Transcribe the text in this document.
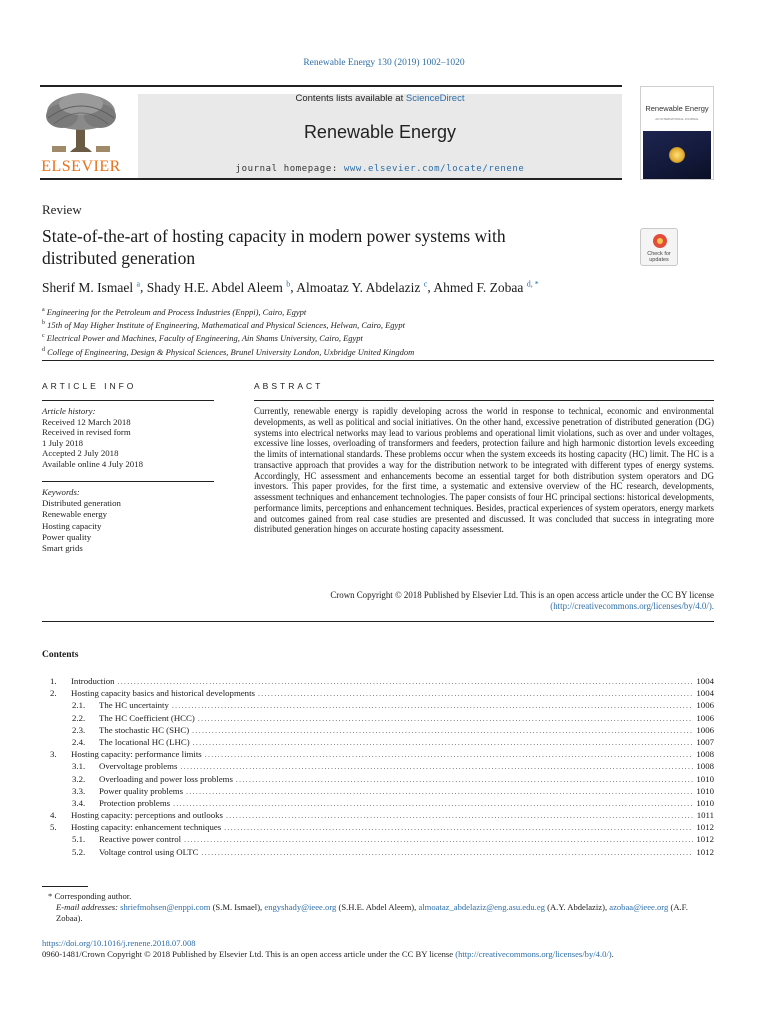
Renewable Energy 130 (2019) 1002–1020
ELSEVIER
Contents lists available at ScienceDirect
Renewable Energy
journal homepage: www.elsevier.com/locate/renene
Renewable Energy
AN INTERNATIONAL JOURNAL
Review
State-of-the-art of hosting capacity in modern power systems with
distributed generation	Check for
updates
Sherif M. Ismael $^a$, Shady H.E. Abdel Aleem $^b$, Almoataz Y. Abdelaziz $^c$, Ahmed F. Zobaa $^{d, *}$
$^a$ Engineering for the Petroleum and Process Industries (Enppi), Cairo, Egypt
$^b$ 15th of May Higher Institute of Engineering, Mathematical and Physical Sciences, Helwan, Cairo, Egypt
$^c$ Electrical Power and Machines, Faculty of Engineering, Ain Shams University, Cairo, Egypt
$^d$ College of Engineering, Design & Physical Sciences, Brunel University London, Uxbridge United Kingdom
ARTICLE INFO	ABSTRACT
Article history:
Received 12 March 2018
Received in revised form
1 July 2018
Accepted 2 July 2018
Available online 4 July 2018
Keywords:
Distributed generation
Renewable energy
Hosting capacity
Power quality
Smart grids
Currently, renewable energy is rapidly developing across the world in response to technical, economic and environmental developments, as well as political and social initiatives. On the other hand, excessive penetration of distributed generation (DG) systems into electrical networks may lead to various problems and operational limit violations, such as over and under voltages, excessive line losses, overloading of transformers and feeders, protection failure and high harmonic distortion levels exceeding the limits of international standards. These problems occur when the system exceeds its hosting capacity (HC) limit. The HC is a transactive approach that provides a way for the distribution network to be integrated with different types of energy systems. Accordingly, HC assessment and enhancements become an essential target for both distribution system operators and DG investors. This paper provides, for the first time, a systematic and extensive overview of the HC research, developments, assessment techniques and enhancement technologies. The paper consists of four HC principal sections: historical developments, performance limits, perceptions and enhancement techniques. Besides, practical experiences of system operators, energy markets and outcomes gained from real case studies are presented and discussed. It was concluded that success in integrating more distributed generation hinges on accurate hosting capacity assessment.
Crown Copyright © 2018 Published by Elsevier Ltd. This is an open access article under the CC BY license
(http://creativecommons.org/licenses/by/4.0/).
Contents
1.	Introduction .....	1004
2.	Hosting capacity basics and historical developments .....	1004
2.1.	The HC uncertainty .....	1006
2.2.	The HC Coefficient (HCC) .....	1006
2.3.	The stochastic HC (SHC) .....	1006
2.4.	The locational HC (LHC) .....	1007
3.	Hosting capacity: performance limits .....	1008
3.1.	Overvoltage problems .....	1008
3.2.	Overloading and power loss problems .....	1010
3.3.	Power quality problems .....	1010
3.4.	Protection problems .....	1010
4.	Hosting capacity: perceptions and outlooks .....	1011
5.	Hosting capacity: enhancement techniques .....	1012
5.1.	Reactive power control .....	1012
5.2.	Voltage control using OLTC .....	1012
* Corresponding author.
E-mail addresses: shriefmohsen@enppi.com (S.M. Ismael), engyshady@ieee.org (S.H.E. Abdel Aleem), almoataz_abdelaziz@eng.asu.edu.eg (A.Y. Abdelaziz), azobaa@ieee.org (A.F. Zobaa).
https://doi.org/10.1016/j.renene.2018.07.008
0960-1481/Crown Copyright © 2018 Published by Elsevier Ltd. This is an open access article under the CC BY license (http://creativecommons.org/licenses/by/4.0/).
